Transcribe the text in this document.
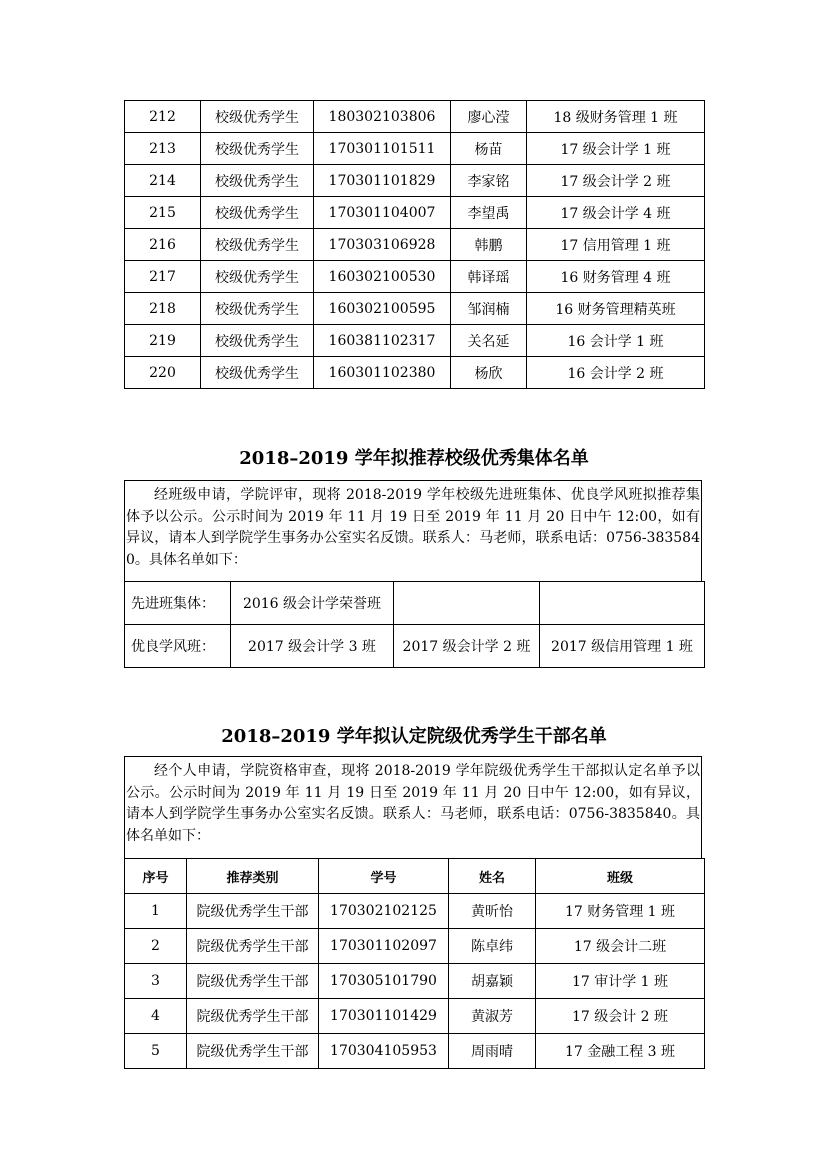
212	校级优秀学生	180302103806	廖心滢	18 级财务管理 1 班
213	校级优秀学生	170301101511	杨苗	17 级会计学 1 班
214	校级优秀学生	170301101829	李家铭	17 级会计学 2 班
215	校级优秀学生	170301104007	李望禹	17 级会计学 4 班
216	校级优秀学生	170303106928	韩鹏	17 信用管理 1 班
217	校级优秀学生	160302100530	韩译瑶	16 财务管理 4 班
218	校级优秀学生	160302100595	邹润楠	16 财务管理精英班
219	校级优秀学生	160381102317	关名延	16 会计学 1 班
220	校级优秀学生	160301102380	杨欣	16 会计学 2 班
2018–2019 学年拟推荐校级优秀集体名单

经班级申请，学院评审，现将 2018-2019 学年校级先进班集体、优良学风班拟推荐集体予以公示。公示时间为 2019 年 11 月 19 日至 2019 年 11 月 20 日中午 12:00，如有异议，请本人到学院学生事务办公室实名反馈。联系人：马老师，联系电话：0756-3835840。具体名单如下：

先进班集体：	2016 级会计学荣誉班		
优良学风班：	2017 级会计学 3 班	2017 级会计学 2 班	2017 级信用管理 1 班
2018–2019 学年拟认定院级优秀学生干部名单

经个人申请，学院资格审查，现将 2018-2019 学年院级优秀学生干部拟认定名单予以公示。公示时间为 2019 年 11 月 19 日至 2019 年 11 月 20 日中午 12:00，如有异议，请本人到学院学生事务办公室实名反馈。联系人：马老师，联系电话：0756-3835840。具体名单如下：

序号	推荐类别	学号	姓名	班级
1	院级优秀学生干部	170302102125	黄昕怡	17 财务管理 1 班
2	院级优秀学生干部	170301102097	陈卓纬	17 级会计二班
3	院级优秀学生干部	170305101790	胡嘉颖	17 审计学 1 班
4	院级优秀学生干部	170301101429	黄淑芳	17 级会计 2 班
5	院级优秀学生干部	170304105953	周雨晴	17 金融工程 3 班
